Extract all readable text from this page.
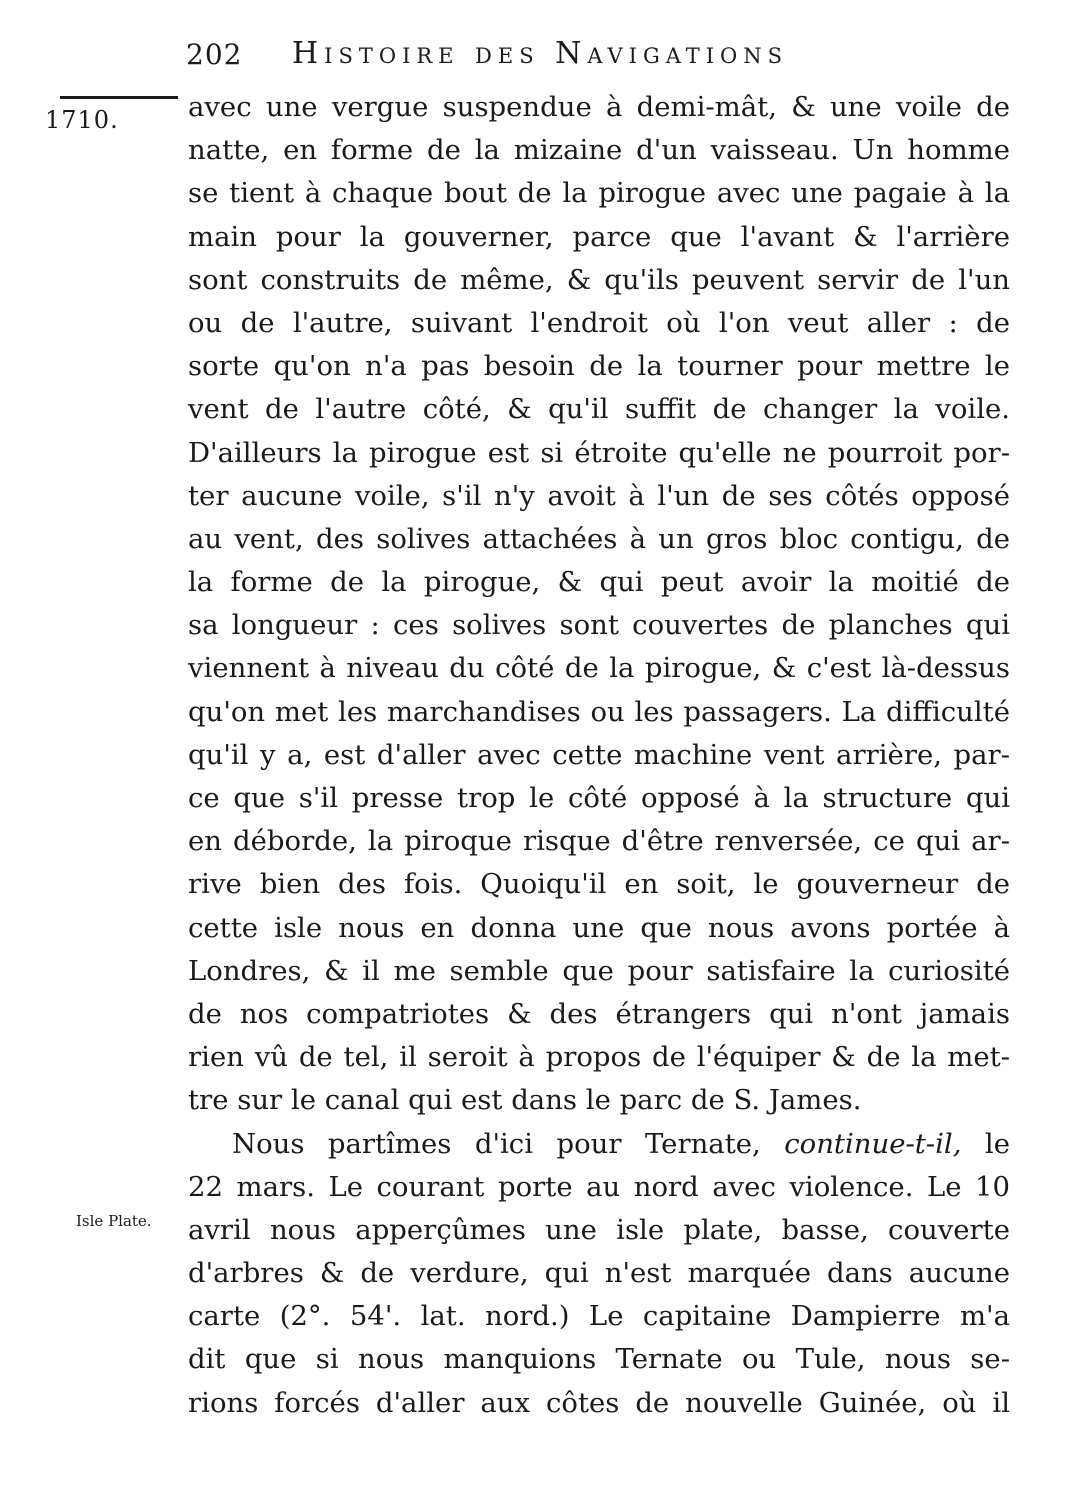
202 Histoire des Navigations
1710.
Isle Plate.
avec une vergue suspendue à demi-mât, & une voile de
natte, en forme de la mizaine d'un vaisseau. Un homme
se tient à chaque bout de la pirogue avec une pagaie à la
main pour la gouverner, parce que l'avant & l'arrière
sont construits de même, & qu'ils peuvent servir de l'un
ou de l'autre, suivant l'endroit où l'on veut aller : de
sorte qu'on n'a pas besoin de la tourner pour mettre le
vent de l'autre côté, & qu'il suffit de changer la voile.
D'ailleurs la pirogue est si étroite qu'elle ne pourroit por-
ter aucune voile, s'il n'y avoit à l'un de ses côtés opposé
au vent, des solives attachées à un gros bloc contigu, de
la forme de la pirogue, & qui peut avoir la moitié de
sa longueur : ces solives sont couvertes de planches qui
viennent à niveau du côté de la pirogue, & c'est là-dessus
qu'on met les marchandises ou les passagers. La difficulté
qu'il y a, est d'aller avec cette machine vent arrière, par-
ce que s'il presse trop le côté opposé à la structure qui
en déborde, la piroque risque d'être renversée, ce qui ar-
rive bien des fois. Quoiqu'il en soit, le gouverneur de
cette isle nous en donna une que nous avons portée à
Londres, & il me semble que pour satisfaire la curiosité
de nos compatriotes & des étrangers qui n'ont jamais
rien vû de tel, il seroit à propos de l'équiper & de la met-
tre sur le canal qui est dans le parc de S. James.
Nous partîmes d'ici pour Ternate, continue-t-il, le
22 mars. Le courant porte au nord avec violence. Le 10
avril nous apperçûmes une isle plate, basse, couverte
d'arbres & de verdure, qui n'est marquée dans aucune
carte (2°. 54'. lat. nord.) Le capitaine Dampierre m'a
dit que si nous manquions Ternate ou Tule, nous se-
rions forcés d'aller aux côtes de nouvelle Guinée, où il
